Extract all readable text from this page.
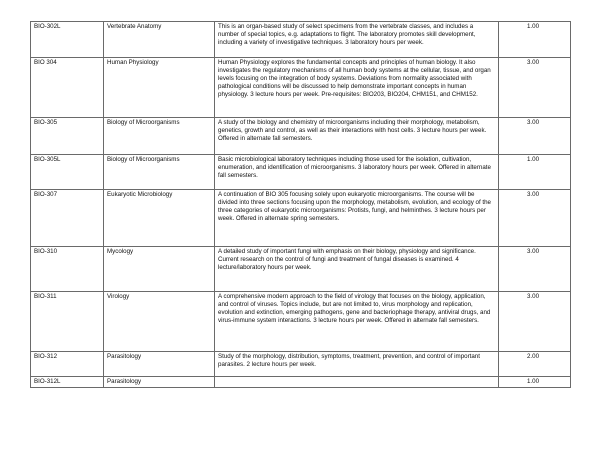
BIO-302L	Vertebrate Anatomy	This is an organ-based study of select specimens from the vertebrate classes, and includes a number of special topics, e.g. adaptations to flight. The laboratory promotes skill development, including a variety of investigative techniques. 3 laboratory hours per week.	1.00
BIO 304	Human Physiology	Human Physiology explores the fundamental concepts and principles of human biology. It also investigates the regulatory mechanisms of all human body systems at the cellular, tissue, and organ levels focusing on the integration of body systems. Deviations from normality associated with pathological conditions will be discussed to help demonstrate important concepts in human physiology. 3 lecture hours per week. Pre-requisites: BIO203, BIO204, CHM151, and CHM152.	3.00
BIO-305	Biology of Microorganisms	A study of the biology and chemistry of microorganisms including their morphology, metabolism, genetics, growth and control, as well as their interactions with host cells. 3 lecture hours per week. Offered in alternate fall semesters.	3.00
BIO-305L	Biology of Microorganisms	Basic microbiological laboratory techniques including those used for the isolation, cultivation, enumeration, and identification of microorganisms. 3 laboratory hours per week. Offered in alternate fall semesters.	1.00
BIO-307	Eukaryotic Microbiology	A continuation of BIO 305 focusing solely upon eukaryotic microorganisms. The course will be divided into three sections focusing upon the morphology, metabolism, evolution, and ecology of the three categories of eukaryotic microorganisms: Protists, fungi, and helminthes. 3 lecture hours per week. Offered in alternate spring semesters.	3.00
BIO-310	Mycology	A detailed study of important fungi with emphasis on their biology, physiology and significance. Current research on the control of fungi and treatment of fungal diseases is examined. 4 lecture/laboratory hours per week.	3.00
BIO-311	Virology	A comprehensive modern approach to the field of virology that focuses on the biology, application, and control of viruses. Topics include, but are not limited to, virus morphology and replication, evolution and extinction, emerging pathogens, gene and bacteriophage therapy, antiviral drugs, and virus-immune system interactions. 3 lecture hours per week. Offered in alternate fall semesters.	3.00
BIO-312	Parasitology	Study of the morphology, distribution, symptoms, treatment, prevention, and control of important parasites. 2 lecture hours per week.	2.00
BIO-312L	Parasitology		1.00
